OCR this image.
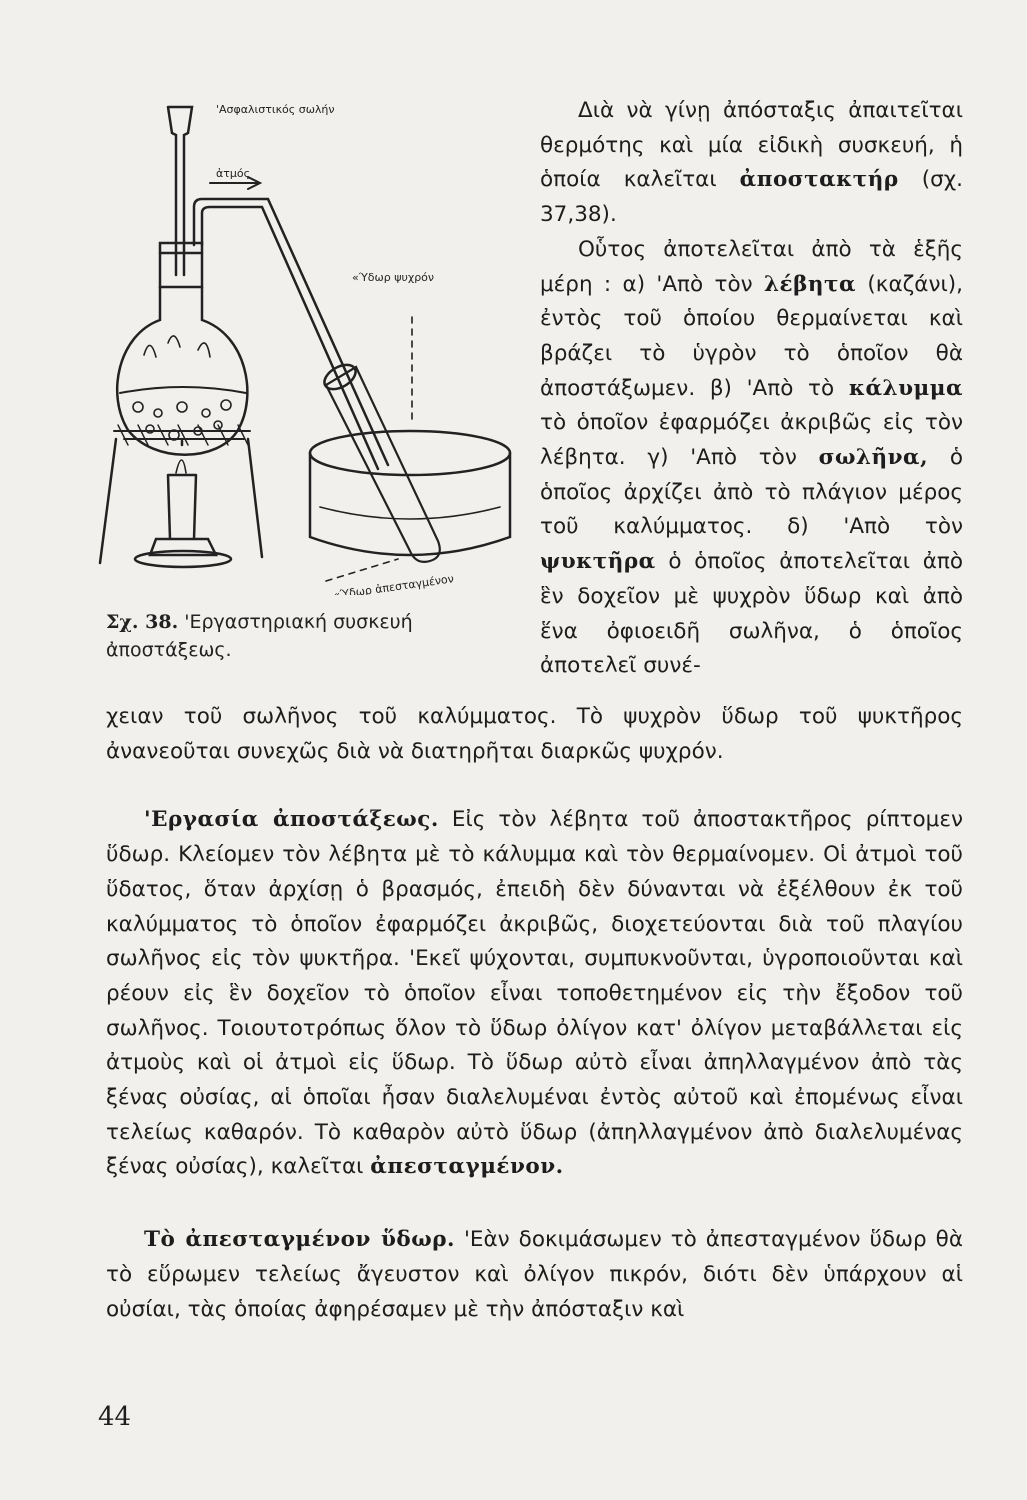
'Ασφαλιστικός σωλήν
ἀτμός
«Ύδωρ ψυχρόν
«Ύδωρ ἀπεσταγμένον
Σχ. 38. 'Εργαστηριακή συσκευή ἀποστάξεως.

Διὰ νὰ γίνῃ ἀπόσταξις ἀπαιτεῖται θερμότης καὶ μία εἰδικὴ συσκευή, ἡ ὁποία καλεῖται ἀποστακτήρ (σχ. 37,38).

Οὗτος ἀποτελεῖται ἀπὸ τὰ ἑξῆς μέρη : α) 'Απὸ τὸν λέβητα (καζάνι), ἐντὸς τοῦ ὁποίου θερμαίνεται καὶ βράζει τὸ ὑγρὸν τὸ ὁποῖον θὰ ἀποστάξωμεν. β) 'Απὸ τὸ κάλυμμα τὸ ὁποῖον ἐφαρμόζει ἀκριβῶς εἰς τὸν λέβητα. γ) 'Απὸ τὸν σωλῆνα, ὁ ὁποῖος ἀρχίζει ἀπὸ τὸ πλάγιον μέρος τοῦ καλύμματος. δ) 'Απὸ τὸν ψυκτῆρα ὁ ὁποῖος ἀποτελεῖται ἀπὸ ἓν δοχεῖον μὲ ψυχρὸν ὕδωρ καὶ ἀπὸ ἕνα ὀφιοειδῆ σωλῆνα, ὁ ὁποῖος ἀποτελεῖ συνέ-

χειαν τοῦ σωλῆνος τοῦ καλύμματος. Τὸ ψυχρὸν ὕδωρ τοῦ ψυκτῆρος ἀνανεοῦται συνεχῶς διὰ νὰ διατηρῆται διαρκῶς ψυχρόν.

'Εργασία ἀποστάξεως. Εἰς τὸν λέβητα τοῦ ἀποστακτῆρος ρίπτομεν ὕδωρ. Κλείομεν τὸν λέβητα μὲ τὸ κάλυμμα καὶ τὸν θερμαίνομεν. Οἱ ἀτμοὶ τοῦ ὕδατος, ὅταν ἀρχίσῃ ὁ βρασμός, ἐπειδὴ δὲν δύνανται νὰ ἐξέλθουν ἐκ τοῦ καλύμματος τὸ ὁποῖον ἐφαρμόζει ἀκριβῶς, διοχετεύονται διὰ τοῦ πλαγίου σωλῆνος εἰς τὸν ψυκτῆρα. 'Εκεῖ ψύχονται, συμπυκνοῦνται, ὑγροποιοῦνται καὶ ρέουν εἰς ἓν δοχεῖον τὸ ὁποῖον εἶναι τοποθετημένον εἰς τὴν ἔξοδον τοῦ σωλῆνος. Τοιουτοτρόπως ὅλον τὸ ὕδωρ ὀλίγον κατ' ὀλίγον μεταβάλλεται εἰς ἀτμοὺς καὶ οἱ ἀτμοὶ εἰς ὕδωρ. Τὸ ὕδωρ αὐτὸ εἶναι ἀπηλλαγμένον ἀπὸ τὰς ξένας οὐσίας, αἱ ὁποῖαι ἦσαν διαλελυμέναι ἐντὸς αὐτοῦ καὶ ἐπομένως εἶναι τελείως καθαρόν. Τὸ καθαρὸν αὐτὸ ὕδωρ (ἀπηλλαγμένον ἀπὸ διαλελυμένας ξένας οὐσίας), καλεῖται ἀπεσταγμένον.

Τὸ ἀπεσταγμένον ὕδωρ. 'Εὰν δοκιμάσωμεν τὸ ἀπεσταγμένον ὕδωρ θὰ τὸ εὕρωμεν τελείως ἄγευστον καὶ ὀλίγον πικρόν, διότι δὲν ὑπάρχουν αἱ οὐσίαι, τὰς ὁποίας ἀφηρέσαμεν μὲ τὴν ἀπόσταξιν καὶ

44
